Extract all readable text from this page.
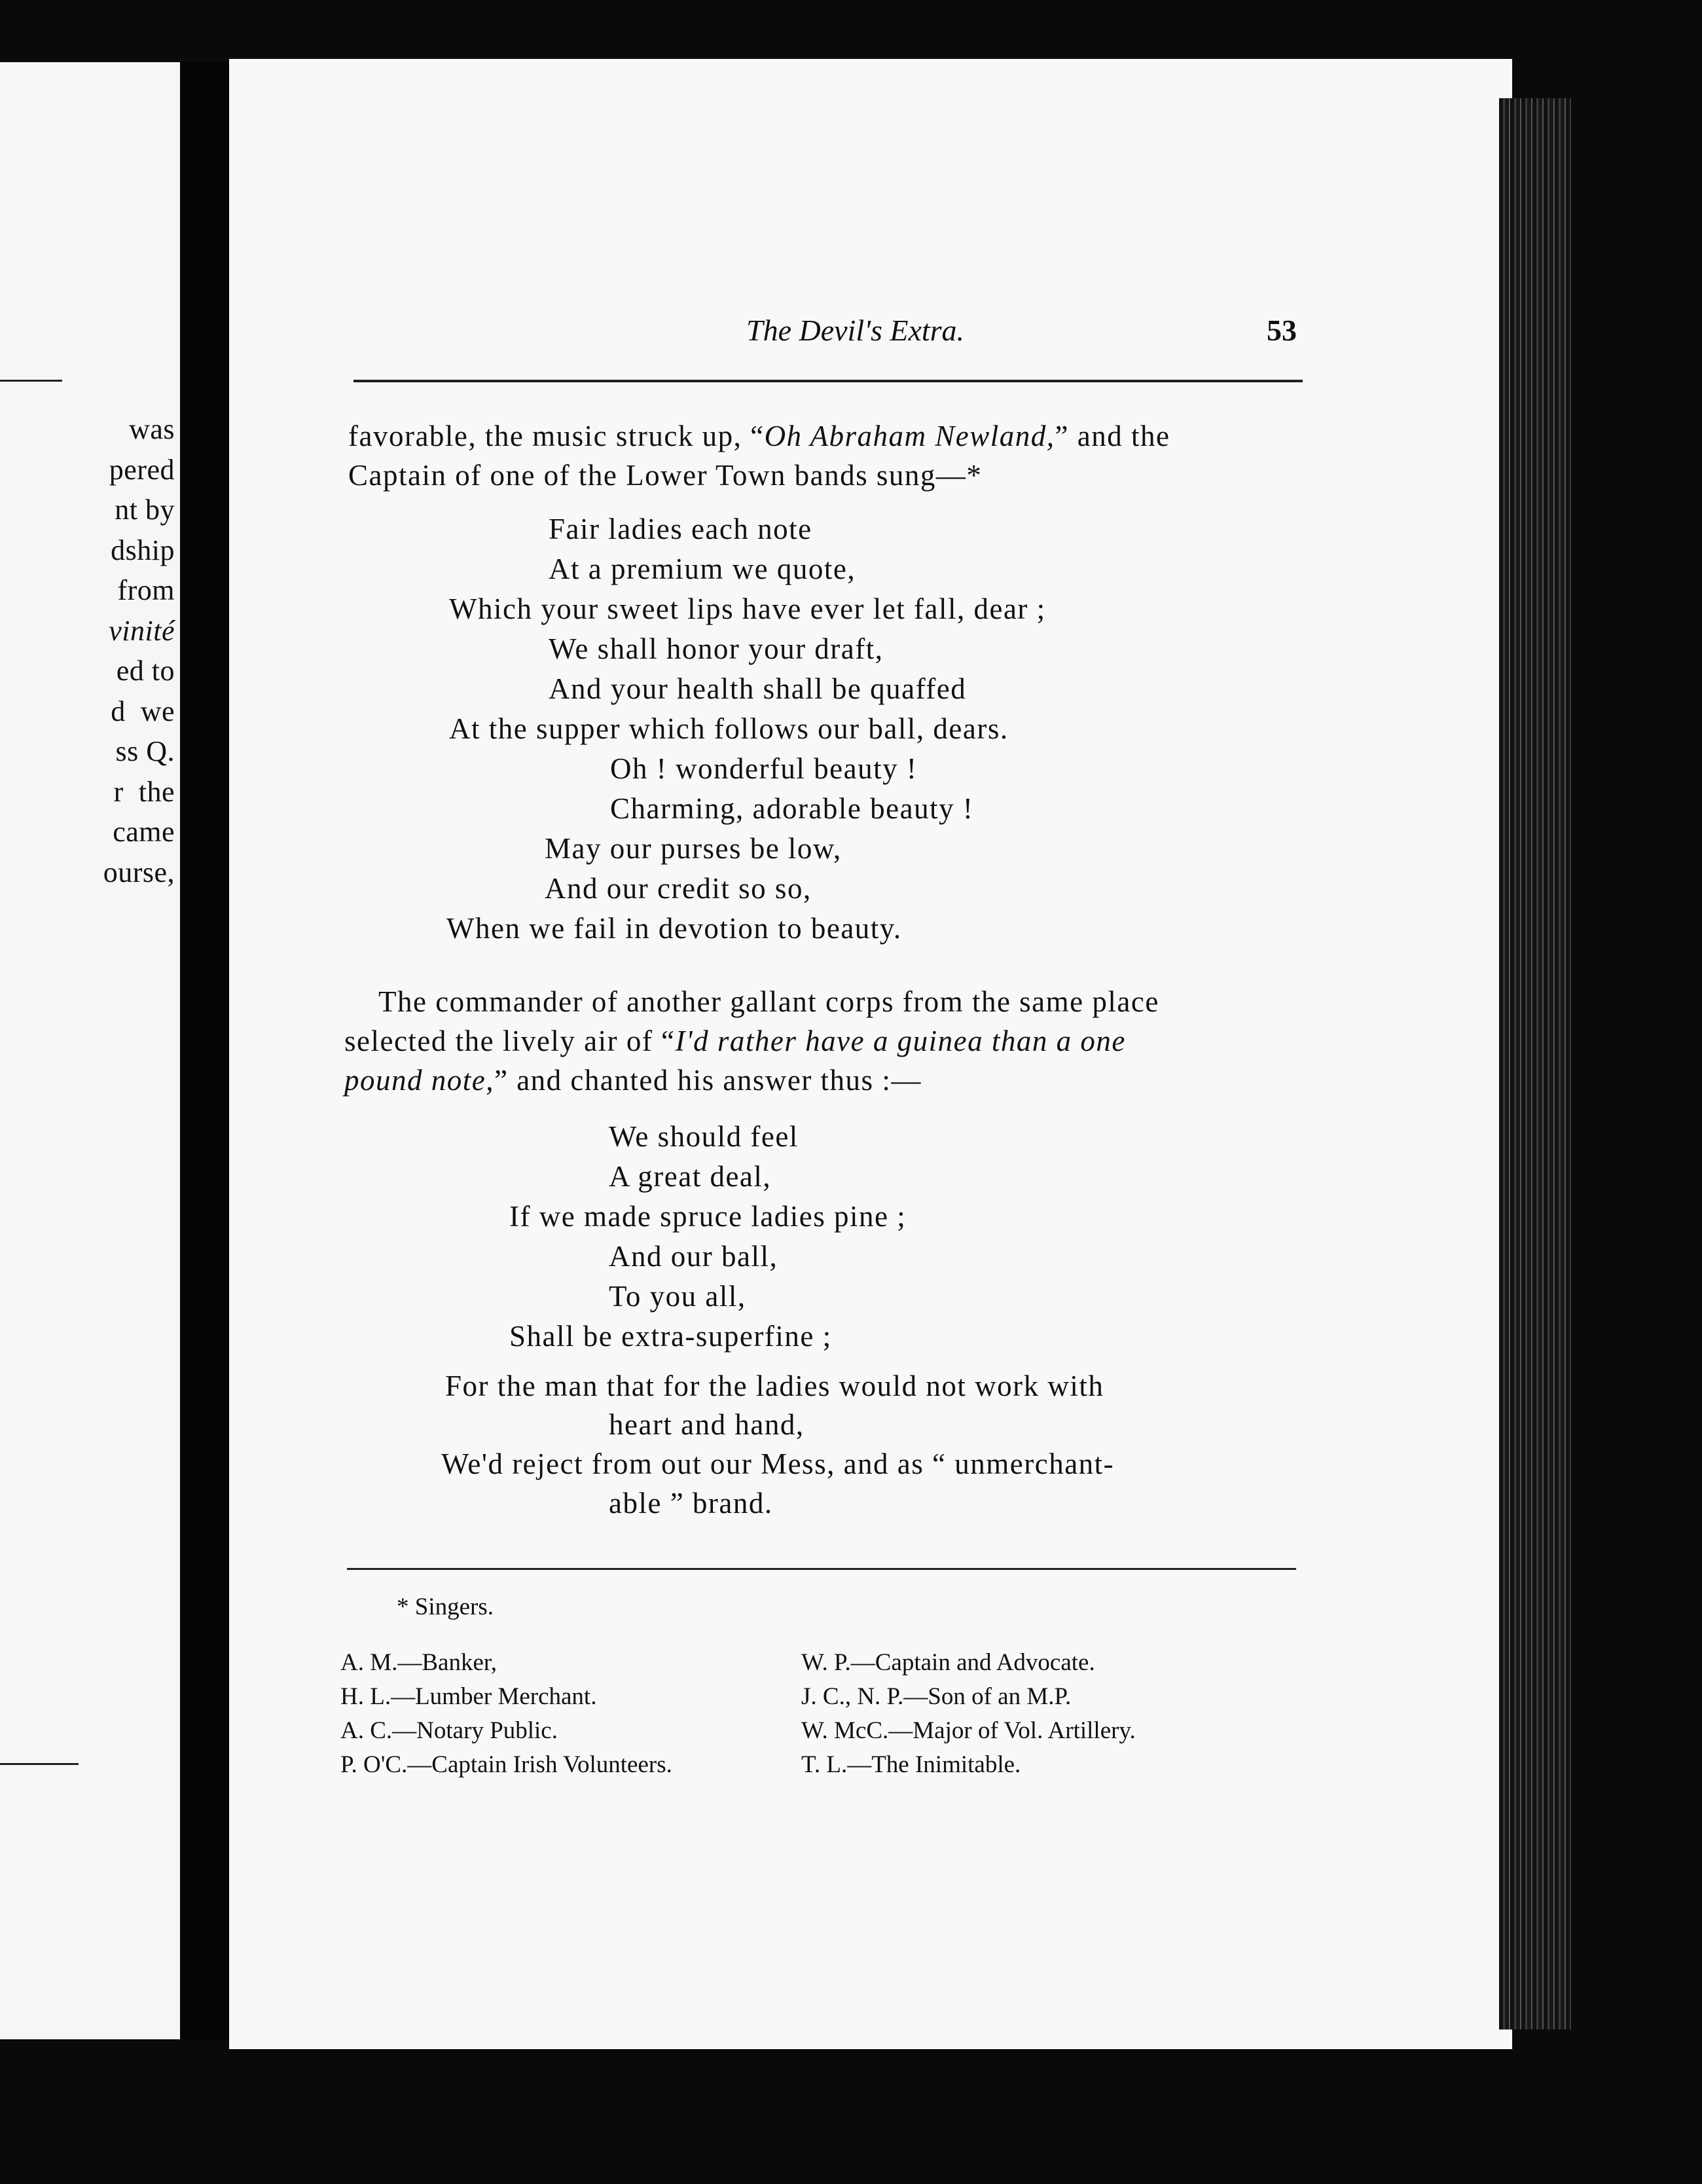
was
pered
nt by
dship
from
vinité
ed to
d  we
ss Q.
r  the
came
ourse,
The Devil's Extra.	53
favorable, the music struck up, “Oh Abraham Newland,” and the
Captain of one of the Lower Town bands sung—*
Fair ladies each note
At a premium we quote,
Which your sweet lips have ever let fall, dear ;
We shall honor your draft,
And your health shall be quaffed
At the supper which follows our ball, dears.
Oh ! wonderful beauty !
Charming, adorable beauty !
May our purses be low,
And our credit so so,
When we fail in devotion to beauty.
The commander of another gallant corps from the same place
selected the lively air of “I'd rather have a guinea than a one
pound note,” and chanted his answer thus :—
We should feel
A great deal,
If we made spruce ladies pine ;
And our ball,
To you all,
Shall be extra-superfine ;
For the man that for the ladies would not work with
heart and hand,
We'd reject from out our Mess, and as “ unmerchant-
able ” brand.
* Singers.
A. M.—Banker,
H. L.—Lumber Merchant.
A. C.—Notary Public.
P. O'C.—Captain Irish Volunteers.
W. P.—Captain and Advocate.
J. C., N. P.—Son of an M.P.
W. McC.—Major of Vol. Artillery.
T. L.—The Inimitable.
